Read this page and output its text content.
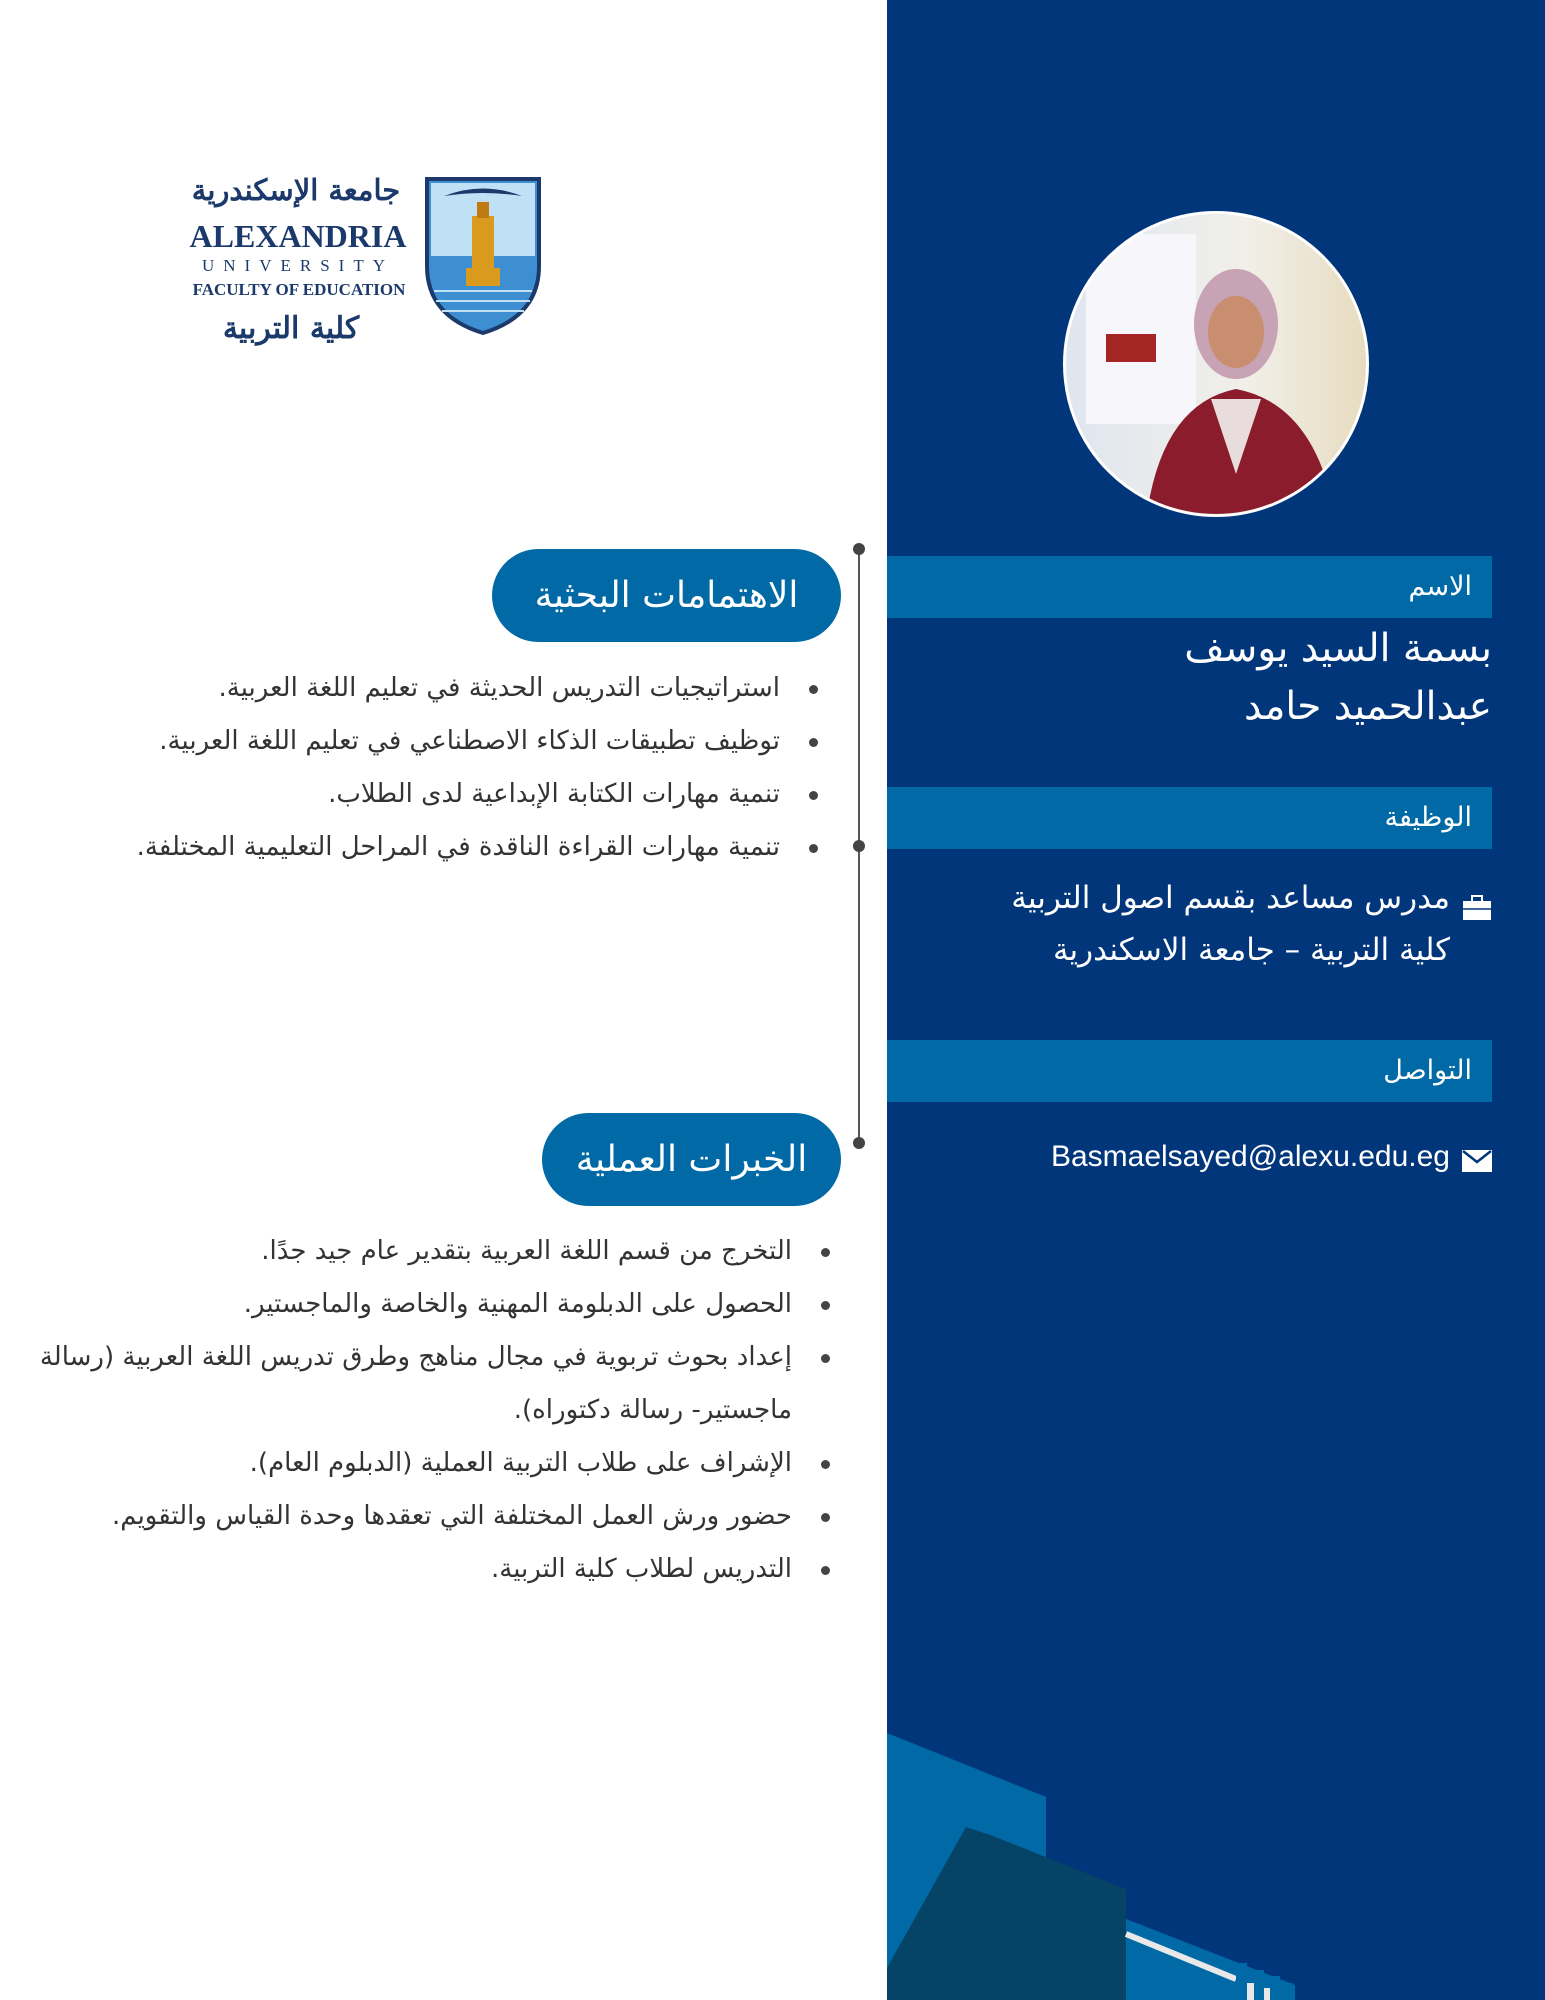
جامعة الإسكندرية
ALEXANDRIA
UNIVERSITY
FACULTY OF EDUCATION
كلية التربية
الاسم
بسمة السيد يوسف
عبدالحميد حامد
الوظيفة
مدرس مساعد بقسم اصول التربية
كلية التربية – جامعة الاسكندرية
التواصل
Basmaelsayed@alexu.edu.eg
الاهتمامات البحثية
استراتيجيات التدريس الحديثة في تعليم اللغة العربية.
توظيف تطبيقات الذكاء الاصطناعي في تعليم اللغة العربية.
تنمية مهارات الكتابة الإبداعية لدى الطلاب.
تنمية مهارات القراءة الناقدة في المراحل التعليمية المختلفة.
الخبرات العملية
التخرج من قسم اللغة العربية بتقدير عام جيد جدًا.
الحصول على الدبلومة المهنية والخاصة والماجستير.
إعداد بحوث تربوية في مجال مناهج وطرق تدريس اللغة العربية (رسالة ماجستير- رسالة دكتوراه).
الإشراف على طلاب التربية العملية (الدبلوم العام).
حضور ورش العمل المختلفة التي تعقدها وحدة القياس والتقويم.
التدريس لطلاب كلية التربية.
